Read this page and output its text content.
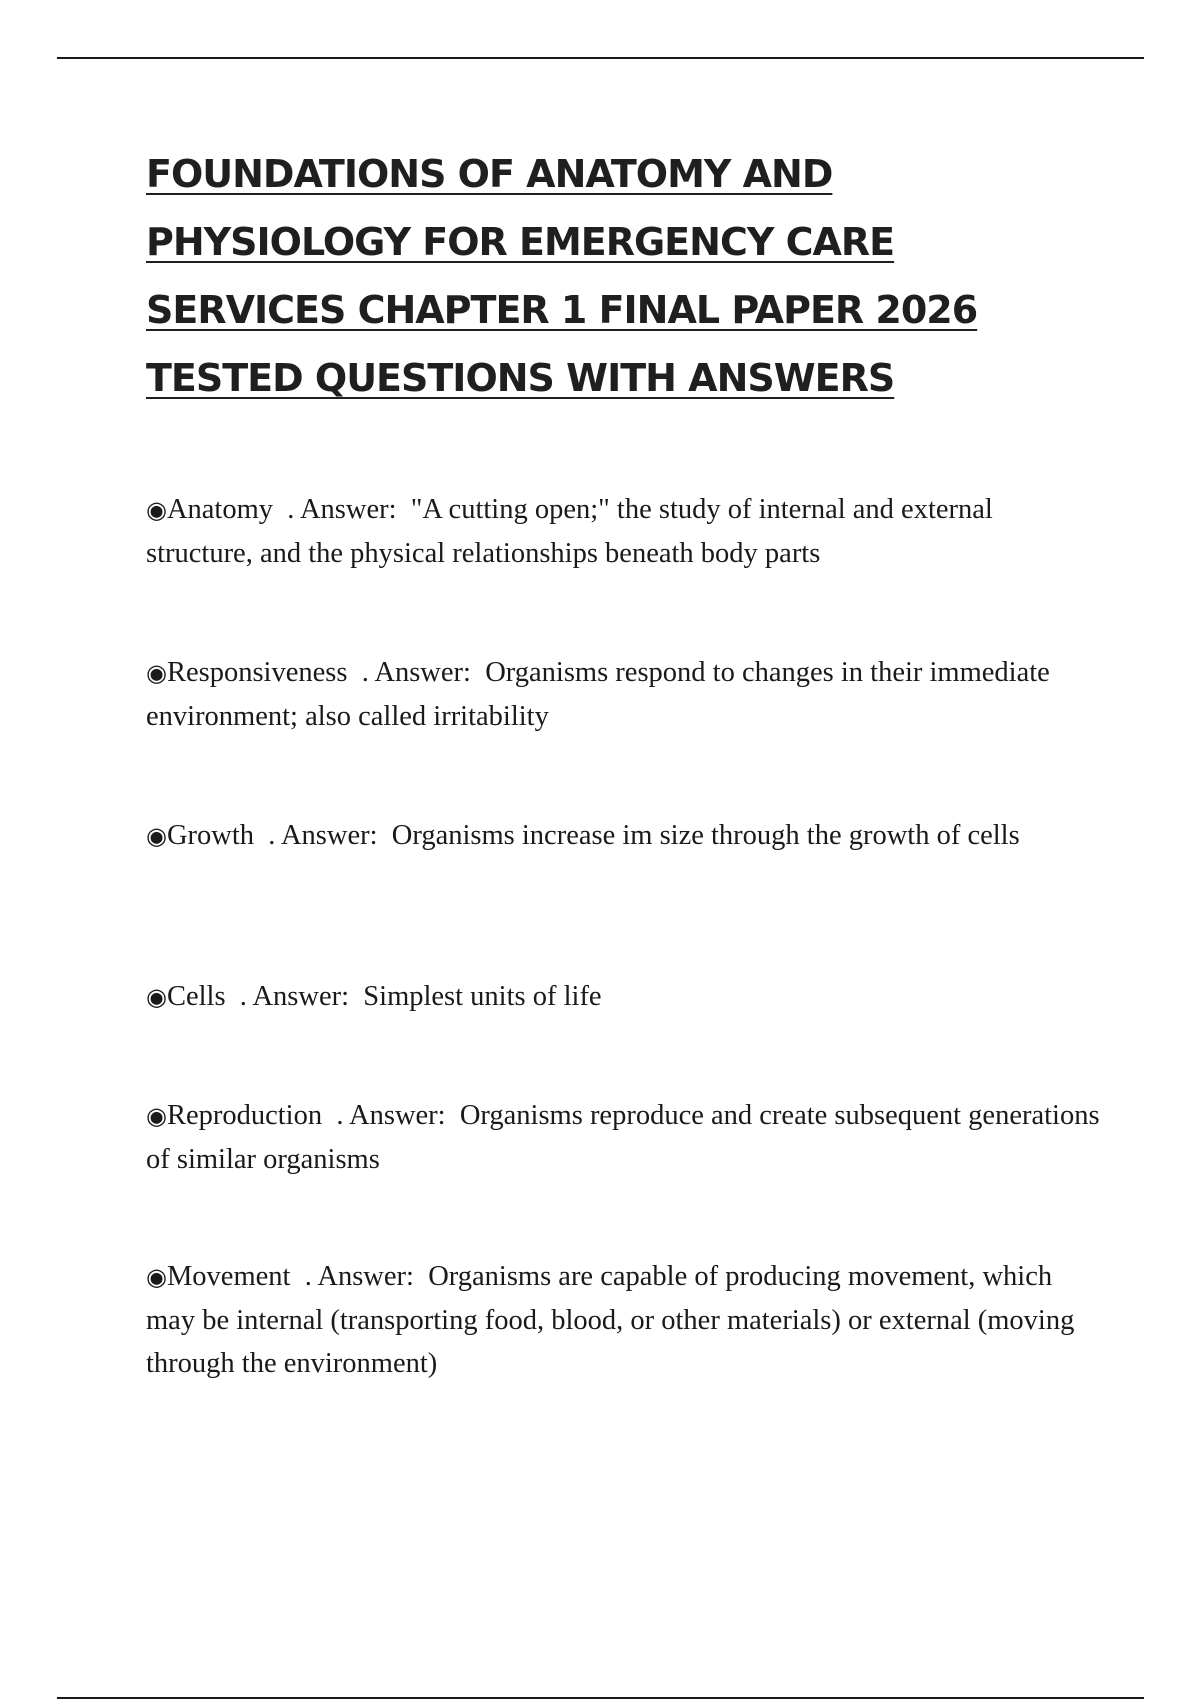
FOUNDATIONS OF ANATOMY AND
PHYSIOLOGY FOR EMERGENCY CARE
SERVICES CHAPTER 1 FINAL PAPER 2026
TESTED QUESTIONS WITH ANSWERS
◉Anatomy . Answer: "A cutting open;" the study of internal and external structure, and the physical relationships beneath body parts
◉Responsiveness . Answer: Organisms respond to changes in their immediate environment; also called irritability
◉Growth . Answer: Organisms increase im size through the growth of cells
◉Cells . Answer: Simplest units of life
◉Reproduction . Answer: Organisms reproduce and create subsequent generations of similar organisms
◉Movement . Answer: Organisms are capable of producing movement, which may be internal (transporting food, blood, or other materials) or external (moving through the environment)
